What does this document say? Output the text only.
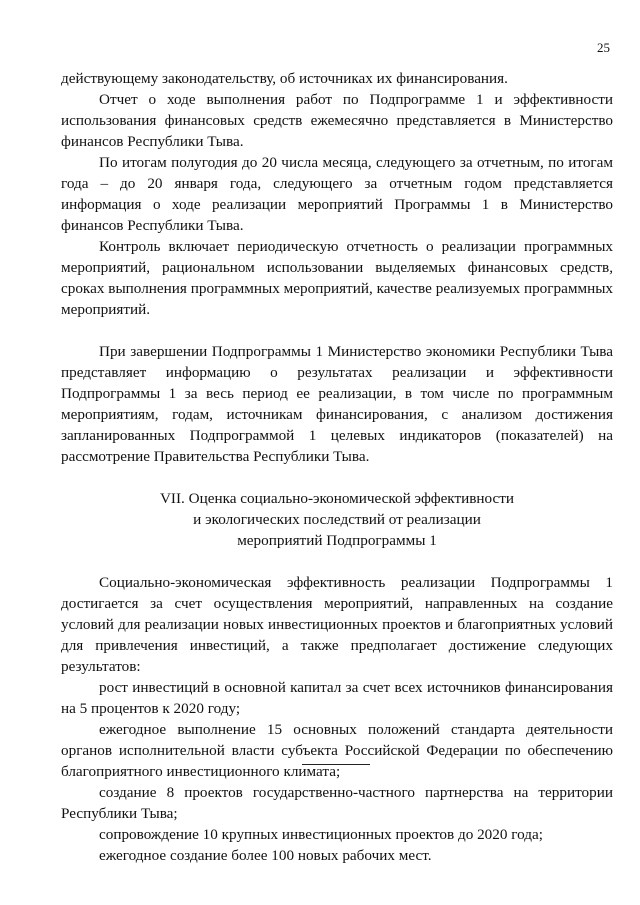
25

действующему законодательству, об источниках их финансирования.

Отчет о ходе выполнения работ по Подпрограмме 1 и эффективности использования финансовых средств ежемесячно представляется в Министерство финансов Республики Тыва.

По итогам полугодия до 20 числа месяца, следующего за отчетным, по итогам года – до 20 января года, следующего за отчетным годом представляется информация о ходе реализации мероприятий Программы 1 в Министерство финансов Республики Тыва.

Контроль включает периодическую отчетность о реализации программных мероприятий, рациональном использовании выделяемых финансовых средств, сроках выполнения программных мероприятий, качестве реализуемых программных мероприятий.

При завершении Подпрограммы 1 Министерство экономики Республики Тыва представляет информацию о результатах реализации и эффективности Подпрограммы 1 за весь период ее реализации, в том числе по программным мероприятиям, годам, источникам финансирования, с анализом достижения запланированных Подпрограммой 1 целевых индикаторов (показателей) на рассмотрение Правительства Республики Тыва.

VII. Оценка социально-экономической эффективности
и экологических последствий от реализации
мероприятий Подпрограммы 1

Социально-экономическая эффективность реализации Подпрограммы 1 достигается за счет осуществления мероприятий, направленных на создание условий для реализации новых инвестиционных проектов и благоприятных условий для привлечения инвестиций, а также предполагает достижение следующих результатов:

рост инвестиций в основной капитал за счет всех источников финансирования на 5 процентов к 2020 году;

ежегодное выполнение 15 основных положений стандарта деятельности органов исполнительной власти субъекта Российской Федерации по обеспечению благоприятного инвестиционного климата;

создание 8 проектов государственно-частного партнерства на территории Республики Тыва;

сопровождение 10 крупных инвестиционных проектов до 2020 года;

ежегодное создание более 100 новых рабочих мест.
